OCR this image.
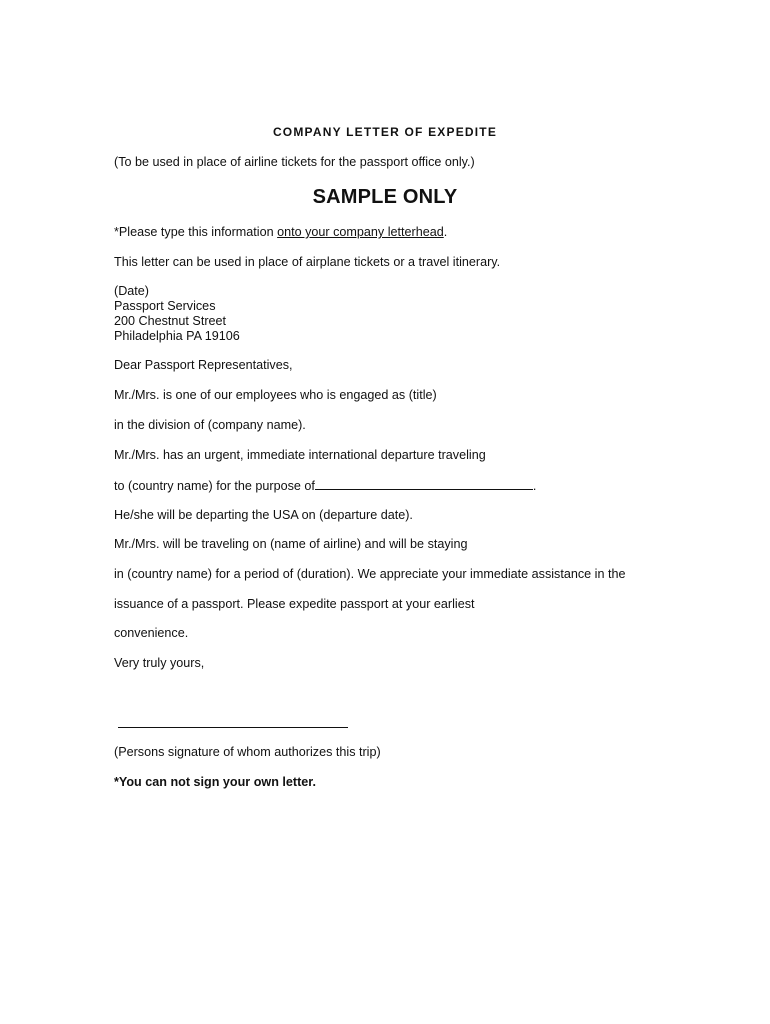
COMPANY LETTER OF EXPEDITE
(To be used in place of airline tickets for the passport office only.)
SAMPLE ONLY
*Please type this information onto your company letterhead.
This letter can be used in place of airplane tickets or a travel itinerary.
(Date)
Passport Services
200 Chestnut Street
Philadelphia PA 19106
Dear Passport Representatives,
Mr./Mrs. is one of our employees who is engaged as (title)
in the division of (company name).
Mr./Mrs. has an urgent, immediate international departure traveling
to (country name) for the purpose of	.
He/she will be departing the USA on (departure date).
Mr./Mrs. will be traveling on (name of airline) and will be staying
in (country name) for a period of (duration). We appreciate your immediate assistance in the
issuance of a passport. Please expedite passport at your earliest
convenience.
Very truly yours,
(Persons signature of whom authorizes this trip)
*You can not sign your own letter.
